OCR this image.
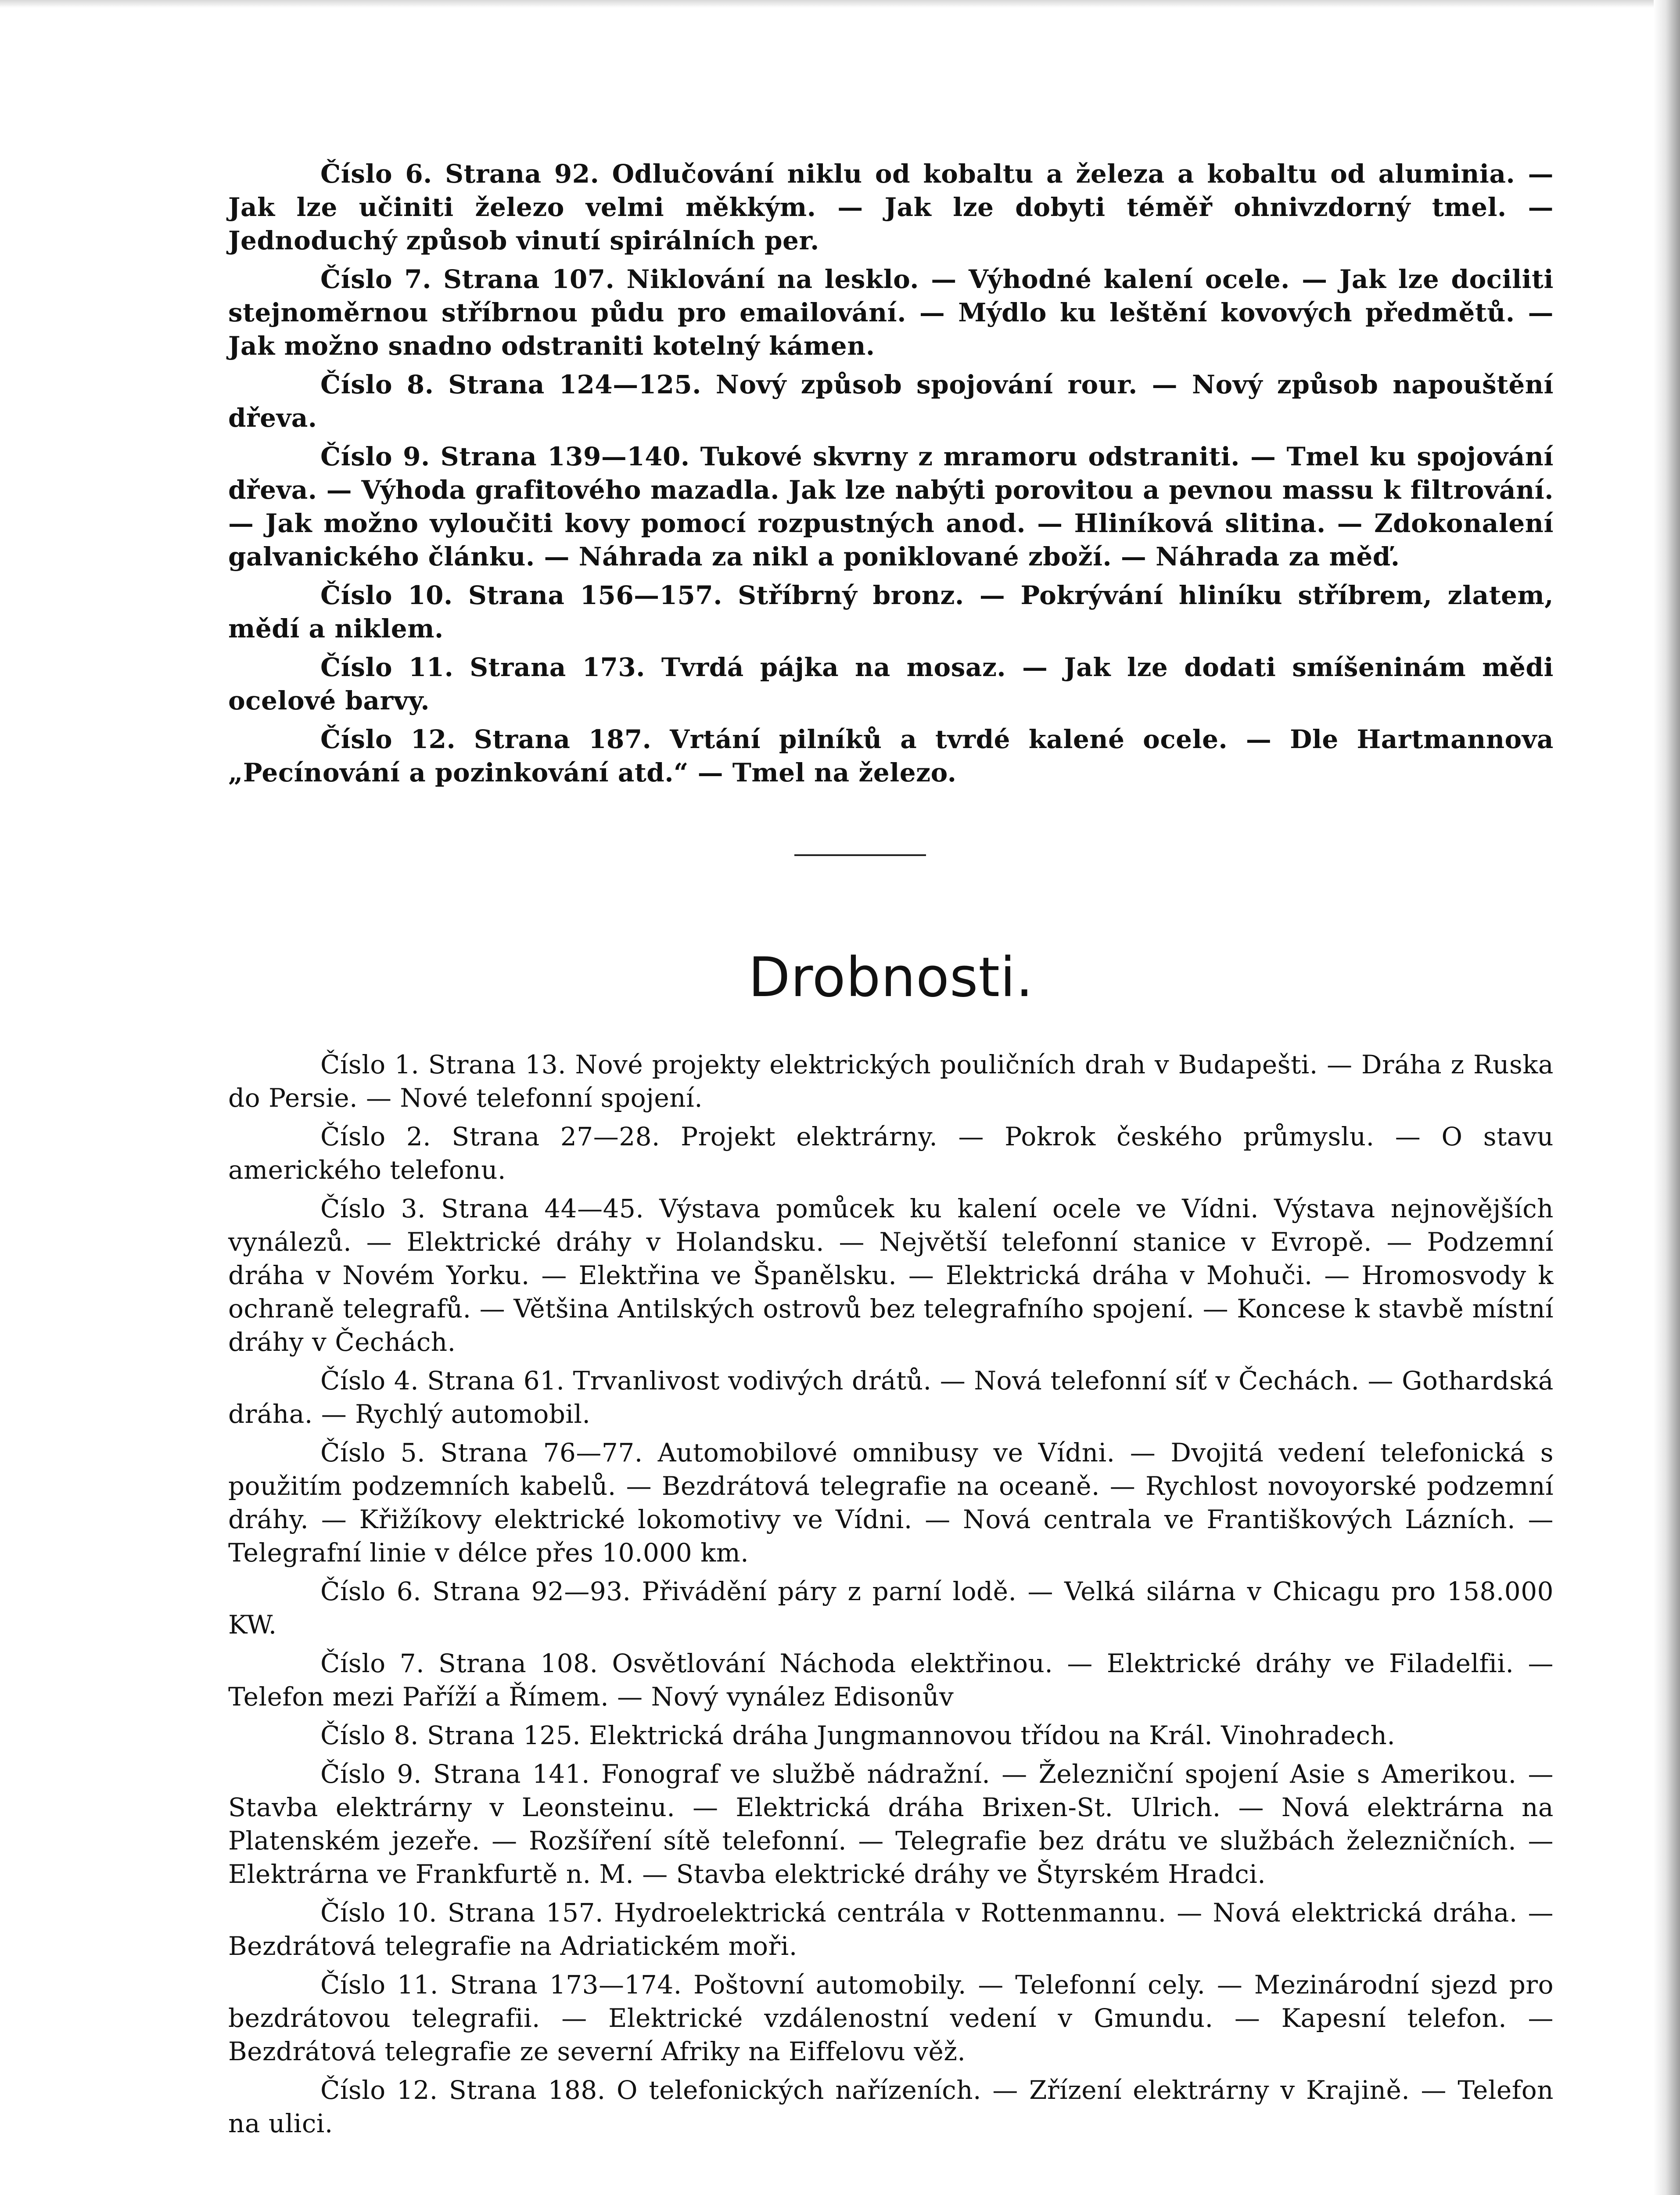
Číslo 6. Strana 92. Odlučování niklu od kobaltu a železa a kobaltu od aluminia. — Jak lze učiniti železo velmi měkkým. — Jak lze dobyti téměř ohnivzdorný tmel. — Jednoduchý způsob vinutí spirálních per.

Číslo 7. Strana 107. Niklování na lesklo. — Výhodné kalení ocele. — Jak lze dociliti stejnoměrnou stříbrnou půdu pro emailování. — Mýdlo ku leštění kovových předmětů. — Jak možno snadno odstraniti kotelný kámen.

Číslo 8. Strana 124—125. Nový způsob spojování rour. — Nový způsob napouštění dřeva.

Číslo 9. Strana 139—140. Tukové skvrny z mramoru odstraniti. — Tmel ku spojování dřeva. — Výhoda grafitového mazadla. Jak lze nabýti porovitou a pevnou massu k filtrování. — Jak možno vyloučiti kovy pomocí rozpustných anod. — Hliníková slitina. — Zdokonalení galvanického článku. — Náhrada za nikl a poniklované zboží. — Náhrada za měď.

Číslo 10. Strana 156—157. Stříbrný bronz. — Pokrývání hliníku stříbrem, zlatem, mědí a niklem.

Číslo 11. Strana 173. Tvrdá pájka na mosaz. — Jak lze dodati smíšeninám mědi ocelové barvy.

Číslo 12. Strana 187. Vrtání pilníků a tvrdé kalené ocele. — Dle Hartmannova „Pecínování a pozinkování atd.“ — Tmel na železo.

Drobnosti.

Číslo 1. Strana 13. Nové projekty elektrických pouličních drah v Budapešti. — Dráha z Ruska do Persie. — Nové telefonní spojení.

Číslo 2. Strana 27—28. Projekt elektrárny. — Pokrok českého průmyslu. — O stavu amerického telefonu.

Číslo 3. Strana 44—45. Výstava pomůcek ku kalení ocele ve Vídni. Výstava nejnovějších vynálezů. — Elektrické dráhy v Holandsku. — Největší telefonní stanice v Evropě. — Podzemní dráha v Novém Yorku. — Elektřina ve Španělsku. — Elektrická dráha v Mohuči. — Hromosvody k ochraně telegrafů. — Většina Antilských ostrovů bez telegrafního spojení. — Koncese k stavbě místní dráhy v Čechách.

Číslo 4. Strana 61. Trvanlivost vodivých drátů. — Nová telefonní síť v Čechách. — Gothardská dráha. — Rychlý automobil.

Číslo 5. Strana 76—77. Automobilové omnibusy ve Vídni. — Dvojitá vedení telefonická s použitím podzemních kabelů. — Bezdrátová telegrafie na oceaně. — Rychlost novoyorské podzemní dráhy. — Křižíkovy elektrické lokomotivy ve Vídni. — Nová centrala ve Františkových Lázních. — Telegrafní linie v délce přes 10.000 km.

Číslo 6. Strana 92—93. Přivádění páry z parní lodě. — Velká silárna v Chicagu pro 158.000 KW.

Číslo 7. Strana 108. Osvětlování Náchoda elektřinou. — Elektrické dráhy ve Filadelfii. — Telefon mezi Paříží a Římem. — Nový vynález Edisonův

Číslo 8. Strana 125. Elektrická dráha Jungmannovou třídou na Král. Vinohradech.

Číslo 9. Strana 141. Fonograf ve službě nádražní. — Železniční spojení Asie s Amerikou. — Stavba elektrárny v Leonsteinu. — Elektrická dráha Brixen-St. Ulrich. — Nová elektrárna na Platenském jezeře. — Rozšíření sítě telefonní. — Telegrafie bez drátu ve službách železničních. — Elektrárna ve Frankfurtě n. M. — Stavba elektrické dráhy ve Štyrském Hradci.

Číslo 10. Strana 157. Hydroelektrická centrála v Rottenmannu. — Nová elektrická dráha. — Bezdrátová telegrafie na Adriatickém moři.

Číslo 11. Strana 173—174. Poštovní automobily. — Telefonní cely. — Mezinárodní sjezd pro bezdrátovou telegrafii. — Elektrické vzdálenostní vedení v Gmundu. — Kapesní telefon. — Bezdrátová telegrafie ze severní Afriky na Eiffelovu věž.

Číslo 12. Strana 188. O telefonických nařízeních. — Zřízení elektrárny v Krajině. — Telefon na ulici.
